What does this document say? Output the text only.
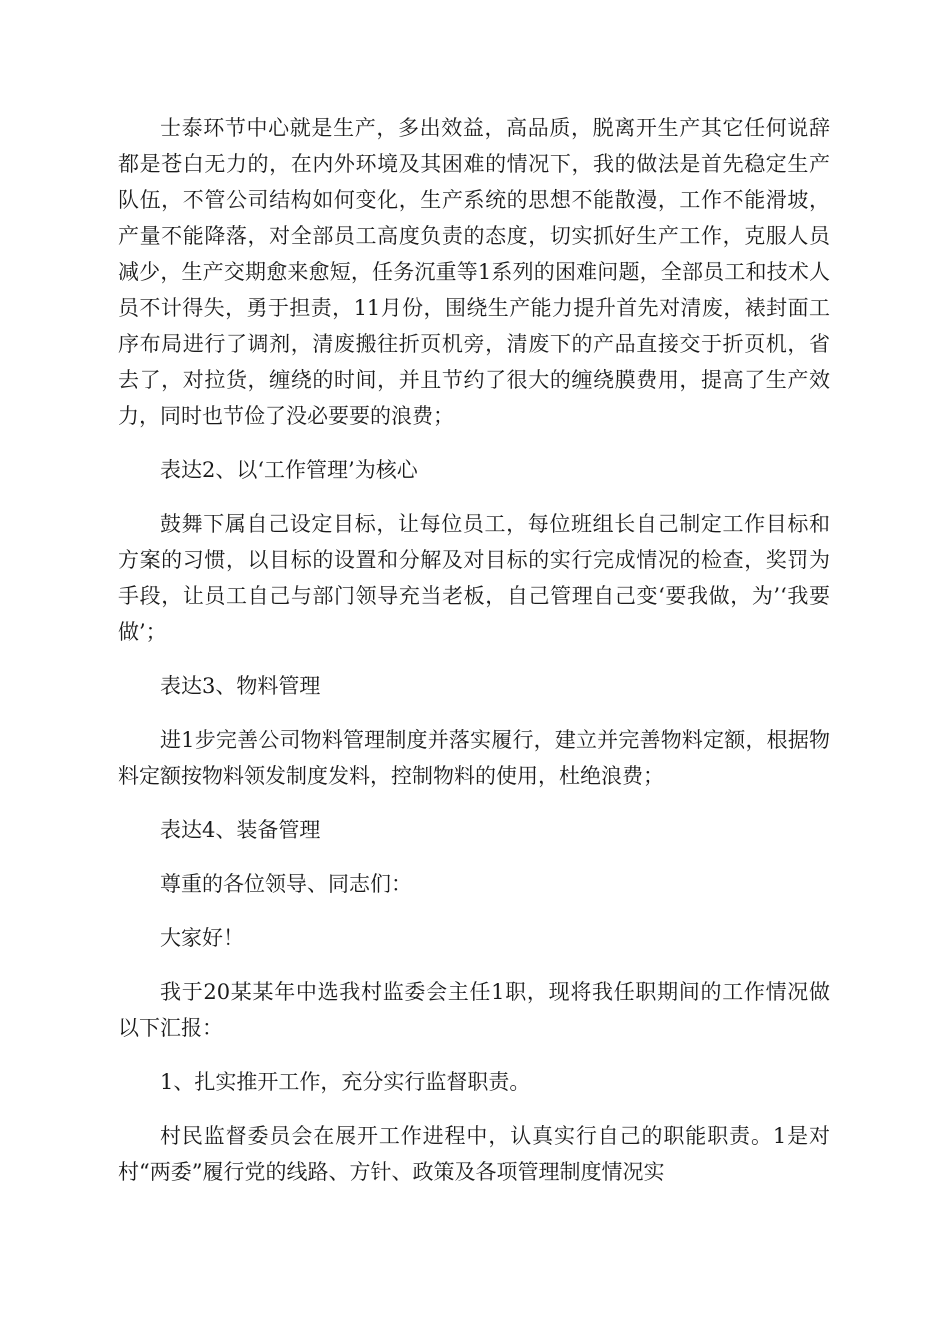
士泰环节中心就是生产，多出效益，高品质，脱离开生产其它任何说辞都是苍白无力的，在内外环境及其困难的情况下，我的做法是首先稳定生产队伍，不管公司结构如何变化，生产系统的思想不能散漫，工作不能滑坡，产量不能降落，对全部员工高度负责的态度，切实抓好生产工作，克服人员减少，生产交期愈来愈短，任务沉重等1系列的困难问题，全部员工和技术人员不计得失，勇于担责，11月份，围绕生产能力提升首先对清废，裱封面工序布局进行了调剂，清废搬往折页机旁，清废下的产品直接交于折页机，省去了，对拉货，缠绕的时间，并且节约了很大的缠绕膜费用，提高了生产效力，同时也节俭了没必要要的浪费；

表达2、以‘工作管理’为核心

鼓舞下属自己设定目标，让每位员工，每位班组长自己制定工作目标和方案的习惯，以目标的设置和分解及对目标的实行完成情况的检查，奖罚为手段，让员工自己与部门领导充当老板，自己管理自己变‘要我做，为’‘我要做’；

表达3、物料管理

进1步完善公司物料管理制度并落实履行，建立并完善物料定额，根据物料定额按物料领发制度发料，控制物料的使用，杜绝浪费；

表达4、装备管理

尊重的各位领导、同志们：

大家好！

我于20某某年中选我村监委会主任1职，现将我任职期间的工作情况做以下汇报：

1、扎实推开工作，充分实行监督职责。

村民监督委员会在展开工作进程中，认真实行自己的职能职责。1是对村“两委”履行党的线路、方针、政策及各项管理制度情况实
